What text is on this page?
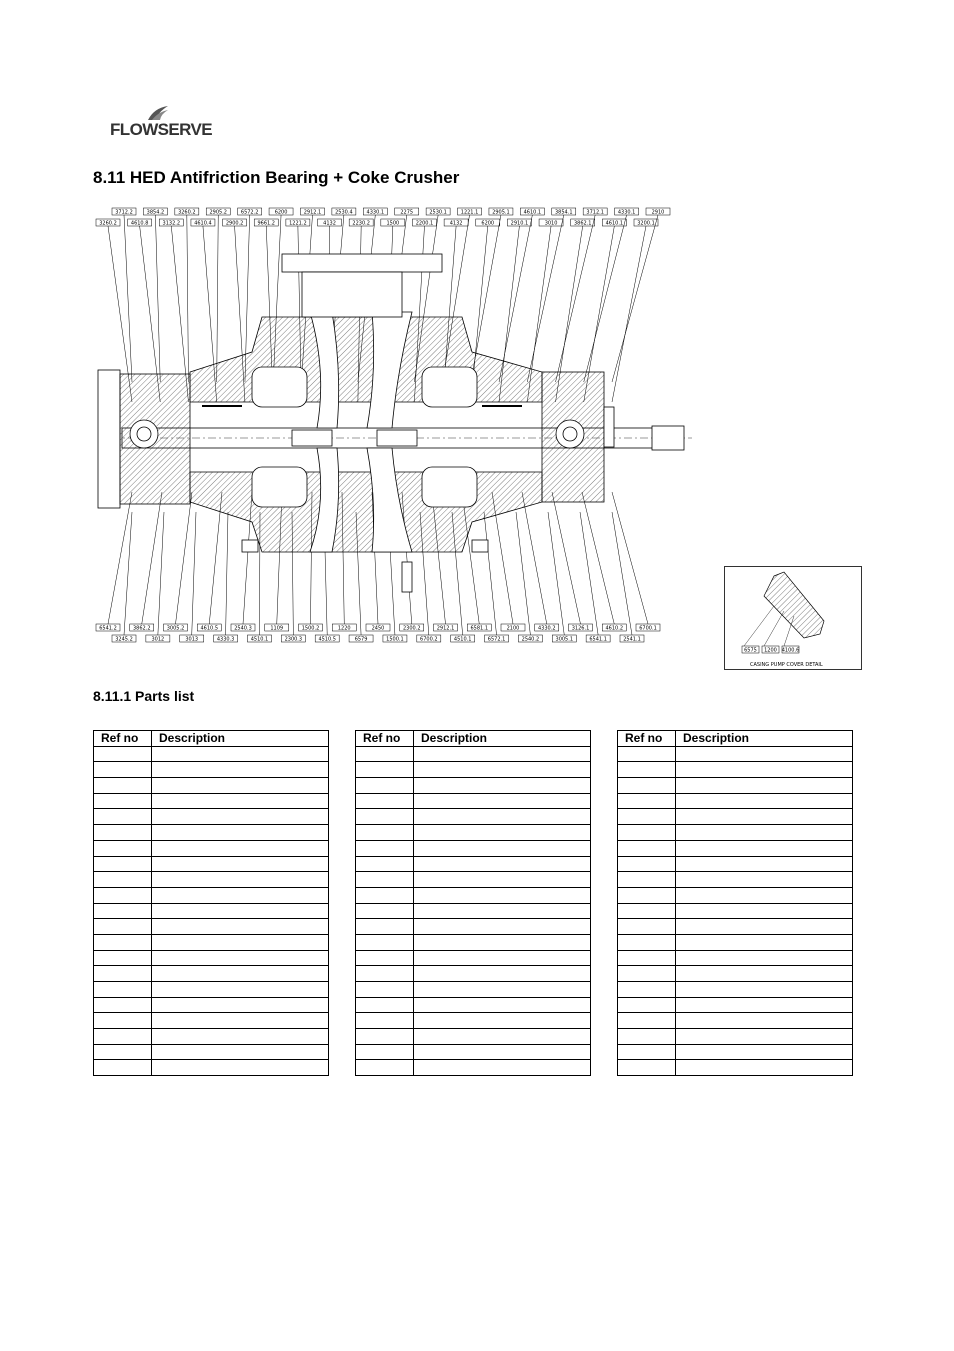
FLOWSERVE
8.11 HED Antifriction Bearing + Coke Crusher
3712.2	3854.2	3260.2	2905.2	6572.2	6200	2912.1	2530.4	4330.1	2275	2530.1	1221.1	2905.1	4610.1	3854.1	3712.1	4330.1	2910
3260.2	4610.8	3132.2	4610.4	2900.2	9661.2	1221.2	4132	2230.2	1500	2200.1	4132	6200	2910.1	3010	3862.1	4610.1	3200.1
6541.2	3862.2	3005.2	4610.5	2540.3	1109	1500.2	1220	2450	2300.2	2912.1	6581.1	2100	4330.2	3126.1	4610.2	6700.1
3245.2	3012	3013	4330.3	4510.1	2300.3	4510.5	6579	1500.1	6700.2	4510.1	6572.1	2540.2	3005.1	6541.1	2541.1
6575 1200 4100.6
CASING PUMP COVER DETAIL
8.11.1 Parts list
Ref no	Description

		Ref no	Description

		Ref no	Description
